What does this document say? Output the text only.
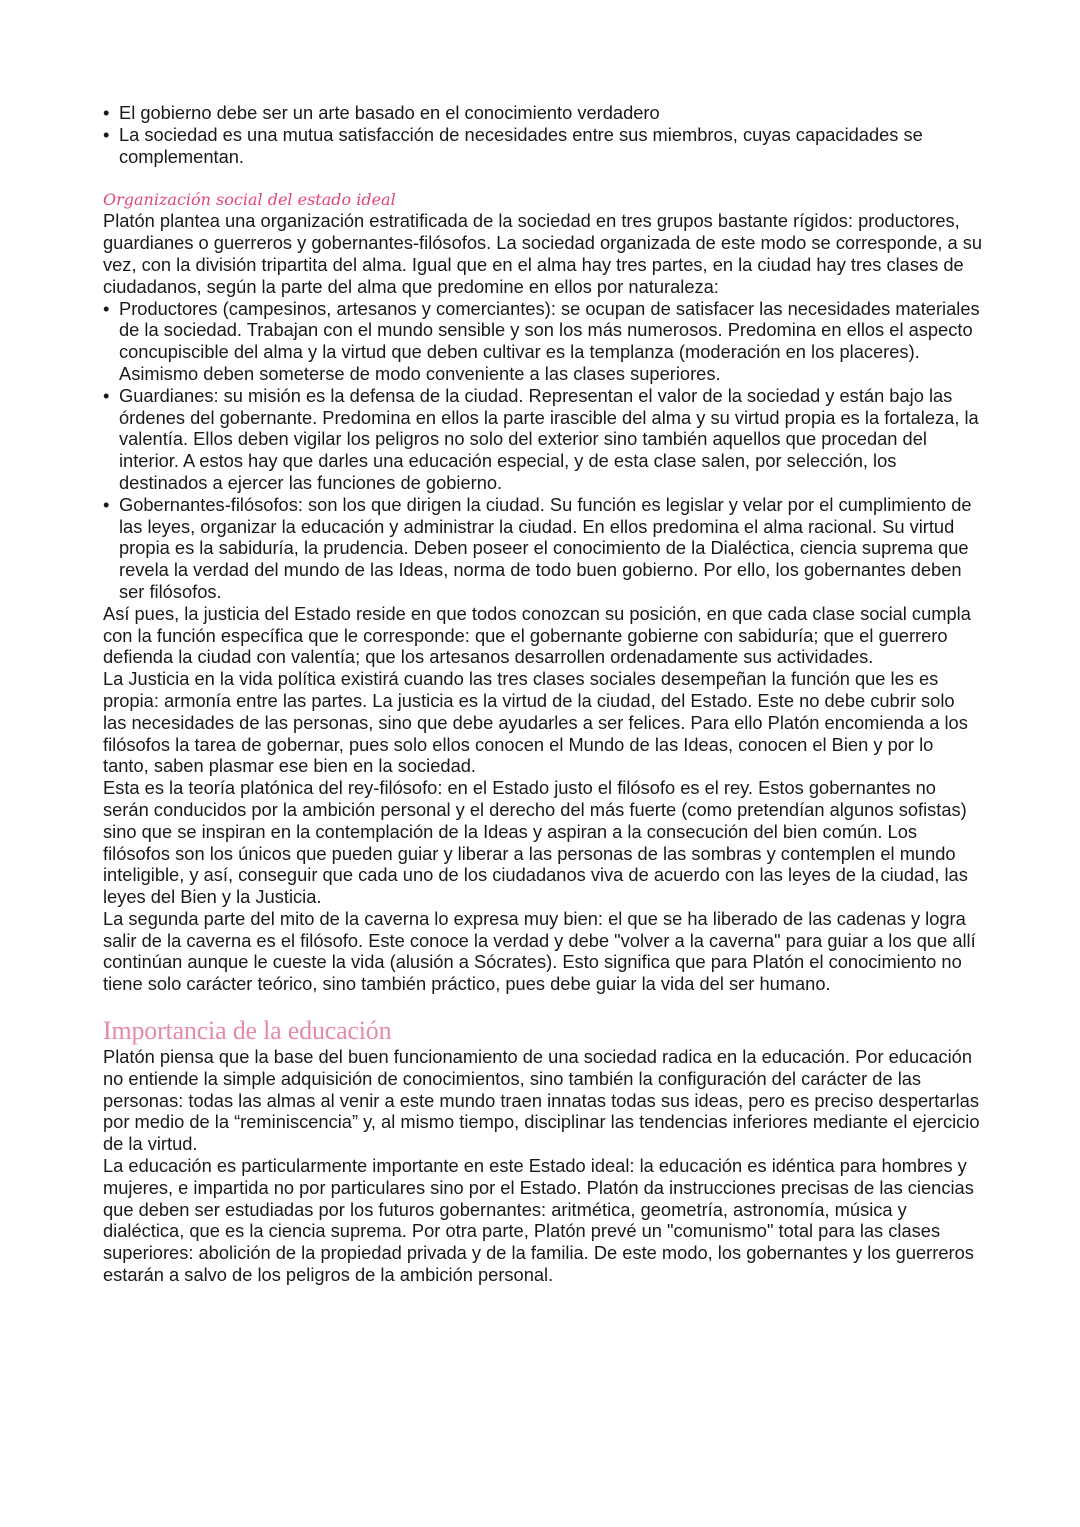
• El gobierno debe ser un arte basado en el conocimiento verdadero
• La sociedad es una mutua satisfacción de necesidades entre sus miembros, cuyas capacidades se complementan.
Organización social del estado ideal

Platón plantea una organización estratificada de la sociedad en tres grupos bastante rígidos: productores, guardianes o guerreros y gobernantes-filósofos. La sociedad organizada de este modo se corresponde, a su vez, con la división tripartita del alma. Igual que en el alma hay tres partes, en la ciudad hay tres clases de ciudadanos, según la parte del alma que predomine en ellos por naturaleza:

• Productores (campesinos, artesanos y comerciantes): se ocupan de satisfacer las necesidades materiales de la sociedad. Trabajan con el mundo sensible y son los más numerosos. Predomina en ellos el aspecto concupiscible del alma y la virtud que deben cultivar es la templanza (moderación en los placeres). Asimismo deben someterse de modo conveniente a las clases superiores.
• Guardianes: su misión es la defensa de la ciudad. Representan el valor de la sociedad y están bajo las órdenes del gobernante. Predomina en ellos la parte irascible del alma y su virtud propia es la fortaleza, la valentía. Ellos deben vigilar los peligros no solo del exterior sino también aquellos que procedan del interior. A estos hay que darles una educación especial, y de esta clase salen, por selección, los destinados a ejercer las funciones de gobierno.
• Gobernantes-filósofos: son los que dirigen la ciudad. Su función es legislar y velar por el cumplimiento de las leyes, organizar la educación y administrar la ciudad. En ellos predomina el alma racional. Su virtud propia es la sabiduría, la prudencia. Deben poseer el conocimiento de la Dialéctica, ciencia suprema que revela la verdad del mundo de las Ideas, norma de todo buen gobierno. Por ello, los gobernantes deben ser filósofos.

Así pues, la justicia del Estado reside en que todos conozcan su posición, en que cada clase social cumpla con la función específica que le corresponde: que el gobernante gobierne con sabiduría; que el guerrero defienda la ciudad con valentía; que los artesanos desarrollen ordenadamente sus actividades.

La Justicia en la vida política existirá cuando las tres clases sociales desempeñan la función que les es propia: armonía entre las partes. La justicia es la virtud de la ciudad, del Estado. Este no debe cubrir solo las necesidades de las personas, sino que debe ayudarles a ser felices. Para ello Platón encomienda a los filósofos la tarea de gobernar, pues solo ellos conocen el Mundo de las Ideas, conocen el Bien y por lo tanto, saben plasmar ese bien en la sociedad.

Esta es la teoría platónica del rey-filósofo: en el Estado justo el filósofo es el rey. Estos gobernantes no serán conducidos por la ambición personal y el derecho del más fuerte (como pretendían algunos sofistas) sino que se inspiran en la contemplación de la Ideas y aspiran a la consecución del bien común. Los filósofos son los únicos que pueden guiar y liberar a las personas de las sombras y contemplen el mundo inteligible, y así, conseguir que cada uno de los ciudadanos viva de acuerdo con las leyes de la ciudad, las leyes del Bien y la Justicia.

La segunda parte del mito de la caverna lo expresa muy bien: el que se ha liberado de las cadenas y logra salir de la caverna es el filósofo. Este conoce la verdad y debe "volver a la caverna" para guiar a los que allí continúan aunque le cueste la vida (alusión a Sócrates). Esto significa que para Platón el conocimiento no tiene solo carácter teórico, sino también práctico, pues debe guiar la vida del ser humano.

Importancia de la educación

Platón piensa que la base del buen funcionamiento de una sociedad radica en la educación. Por educación no entiende la simple adquisición de conocimientos, sino también la configuración del carácter de las personas: todas las almas al venir a este mundo traen innatas todas sus ideas, pero es preciso despertarlas por medio de la “reminiscencia” y, al mismo tiempo, disciplinar las tendencias inferiores mediante el ejercicio de la virtud.

La educación es particularmente importante en este Estado ideal: la educación es idéntica para hombres y mujeres, e impartida no por particulares sino por el Estado. Platón da instrucciones precisas de las ciencias que deben ser estudiadas por los futuros gobernantes: aritmética, geometría, astronomía, música y dialéctica, que es la ciencia suprema. Por otra parte, Platón prevé un "comunismo" total para las clases superiores: abolición de la propiedad privada y de la familia. De este modo, los gobernantes y los guerreros estarán a salvo de los peligros de la ambición personal.
